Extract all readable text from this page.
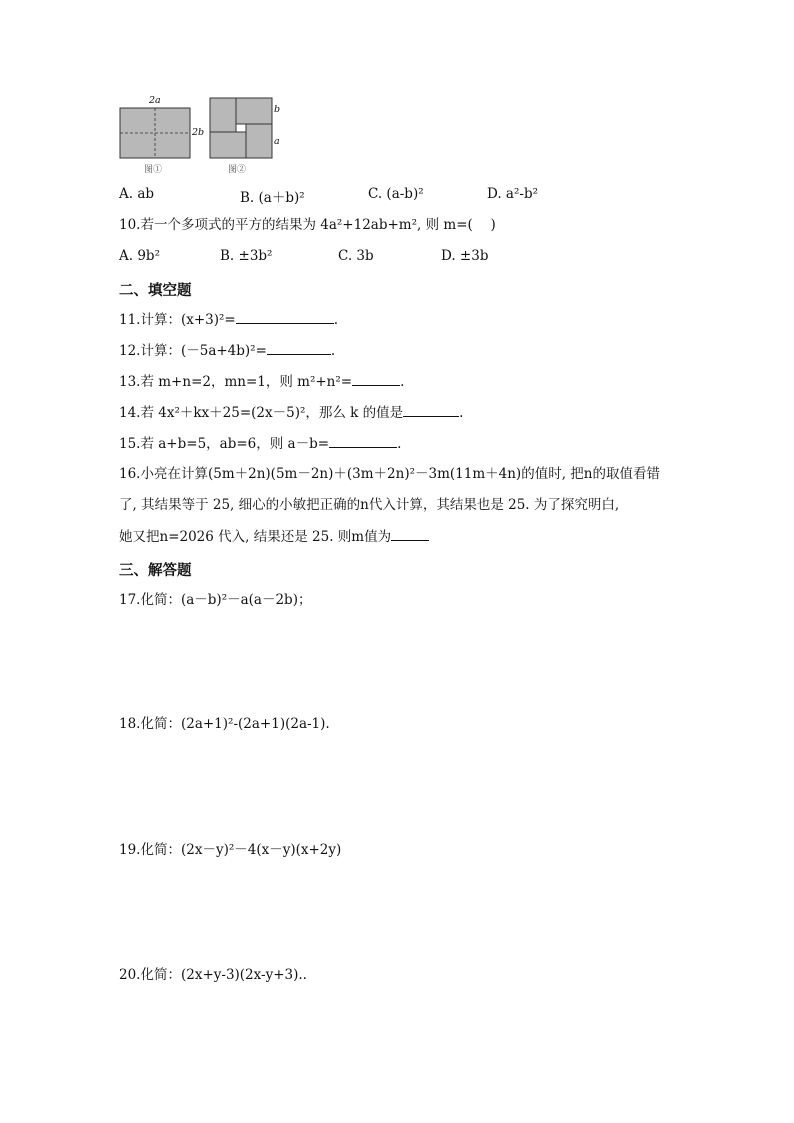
2a
2b
图①
b
a
图②
A. ab	B. (a＋b)²	C. (a-b)²	D. a²-b²
10.若一个多项式的平方的结果为 4a²+12ab+m², 则 m=(　 )
A. 9b²	B. ±3b²	C. 3b	D. ±3b
二、填空题
11.计算：(x+3)²=	.
12.计算：(－5a+4b)²=	.
13.若 m+n=2，mn=1，则 m²+n²=	.
14.若 4x²＋kx＋25=(2x－5)²，那么 k 的值是	.
15.若 a+b=5，ab=6，则 a－b=	.
16.小亮在计算(5m＋2n)(5m－2n)＋(3m＋2n)²－3m(11m＋4n)的值时, 把n的取值看错
了, 其结果等于 25, 细心的小敏把正确的n代入计算，其结果也是 25. 为了探究明白,
她又把n=2026 代入, 结果还是 25. 则m值为
三、解答题
17.化简：(a－b)²－a(a－2b)；
18.化简：(2a+1)²-(2a+1)(2a-1).
19.化简：(2x－y)²－4(x－y)(x+2y)
20.化简：(2x+y-3)(2x-y+3)..
